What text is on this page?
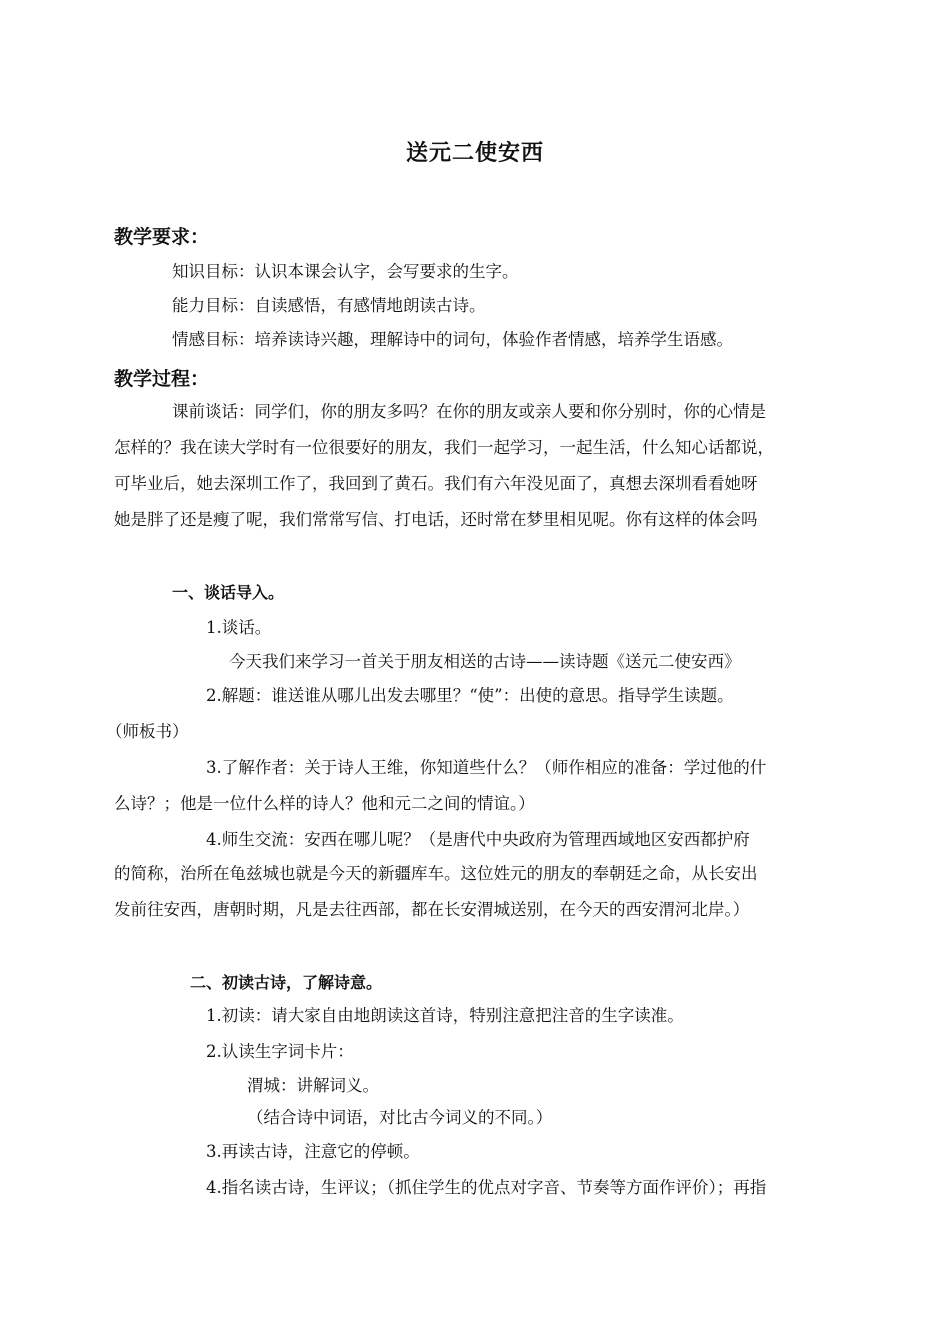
送元二使安西
教学要求：
知识目标：认识本课会认字，会写要求的生字。
能力目标：自读感悟，有感情地朗读古诗。
情感目标：培养读诗兴趣，理解诗中的词句，体验作者情感，培养学生语感。
教学过程：
课前谈话：同学们，你的朋友多吗？在你的朋友或亲人要和你分别时，你的心情是
怎样的？我在读大学时有一位很要好的朋友，我们一起学习，一起生活，什么知心话都说，
可毕业后，她去深圳工作了，我回到了黄石。我们有六年没见面了，真想去深圳看看她呀
她是胖了还是瘦了呢，我们常常写信、打电话，还时常在梦里相见呢。你有这样的体会吗
一、谈话导入。
1.谈话。
今天我们来学习一首关于朋友相送的古诗——读诗题《送元二使安西》
2.解题：谁送谁从哪儿出发去哪里？“使”：出使的意思。指导学生读题。
（师板书）
3.了解作者：关于诗人王维，你知道些什么？（师作相应的准备：学过他的什
么诗？；他是一位什么样的诗人？他和元二之间的情谊。）
4.师生交流：安西在哪儿呢？（是唐代中央政府为管理西域地区安西都护府
的简称，治所在龟兹城也就是今天的新疆库车。这位姓元的朋友的奉朝廷之命，从长安出
发前往安西，唐朝时期，凡是去往西部，都在长安渭城送别，在今天的西安渭河北岸。）
二、初读古诗，了解诗意。
1.初读：请大家自由地朗读这首诗，特别注意把注音的生字读准。
2.认读生字词卡片：
渭城：讲解词义。
（结合诗中词语，对比古今词义的不同。）
3.再读古诗，注意它的停顿。
4.指名读古诗，生评议；（抓住学生的优点对字音、节奏等方面作评价）；再指
